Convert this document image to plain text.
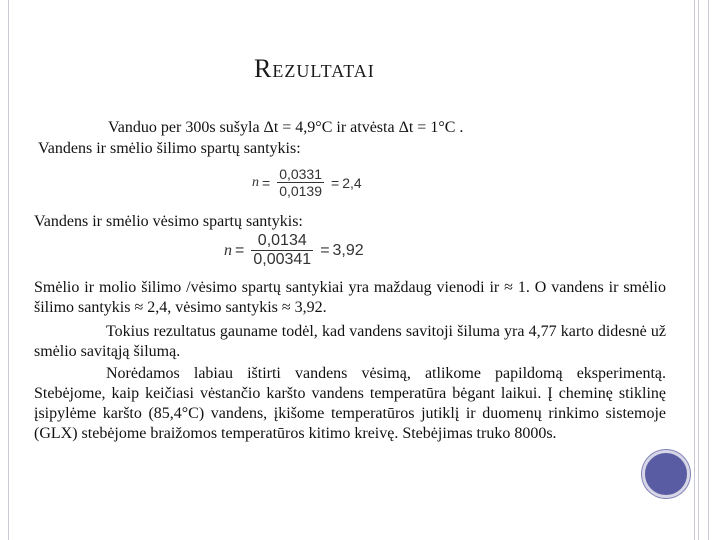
Rezultatai
Vanduo per 300s sušyla Δt = 4,9°C ir atvėsta Δt = 1°C .
Vandens ir smėlio šilimo spartų santykis:
$n = \frac{0,0331}{0,0139} = 2,4$
Vandens ir smėlio vėsimo spartų santykis:
$n = \frac{0,0134}{0,00341} = 3,92$
Smėlio ir molio šilimo /vėsimo spartų santykiai yra maždaug vienodi ir ≈ 1. O vandens ir smėlio šilimo santykis ≈ 2,4, vėsimo santykis ≈ 3,92.
Tokius rezultatus gauname todėl, kad vandens savitoji šiluma yra 4,77 karto didesnė už smėlio savitąją šilumą.
Norėdamos labiau ištirti vandens vėsimą, atlikome papildomą eksperimentą. Stebėjome, kaip keičiasi vėstančio karšto vandens temperatūra bėgant laikui. Į cheminę stiklinę įsipylėme karšto (85,4°C) vandens, įkišome temperatūros jutiklį ir duomenų rinkimo sistemoje (GLX) stebėjome braižomos temperatūros kitimo kreivę. Stebėjimas truko 8000s.
